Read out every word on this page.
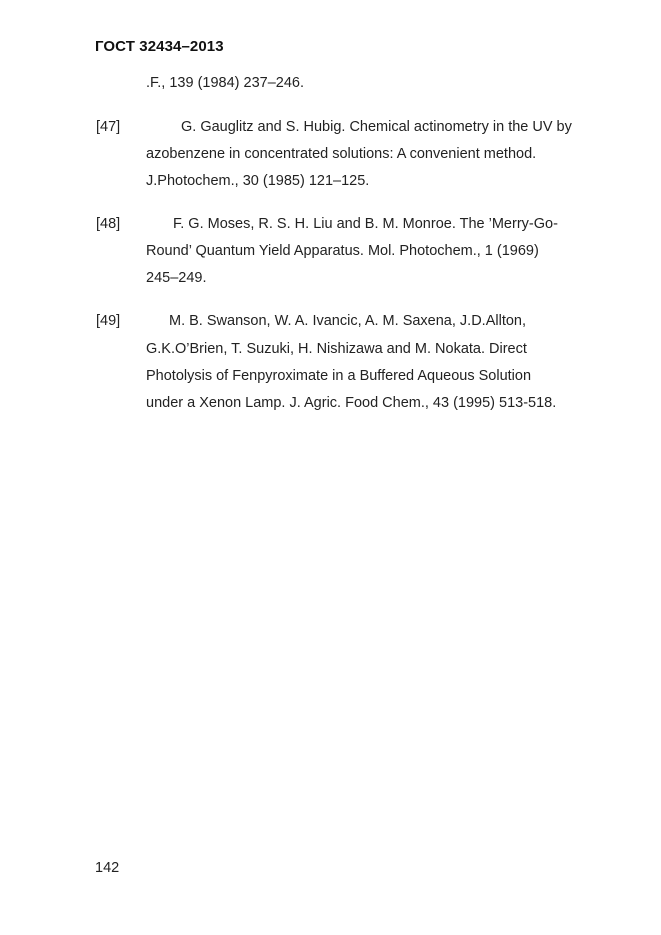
ГОСТ 32434–2013
.F., 139 (1984) 237–246.
[47]	G. Gauglitz and S. Hubig. Chemical actinometry in the UV by
azobenzene in concentrated solutions: A convenient method.
J.Photochem., 30 (1985) 121–125.
[48]	F. G. Moses, R. S. H. Liu and B. M. Monroe. The ’Merry-Go-
Round’ Quantum Yield Apparatus. Mol. Photochem., 1 (1969)
245–249.
[49]	M. B. Swanson, W. A. Ivancic, A. M. Saxena, J.D.Allton,
G.K.O’Brien, T. Suzuki, H. Nishizawa and M. Nokata. Direct
Photolysis of Fenpyroximate in a Buffered Aqueous Solution
under a Xenon Lamp. J. Agric. Food Chem., 43 (1995) 513-518.
142
